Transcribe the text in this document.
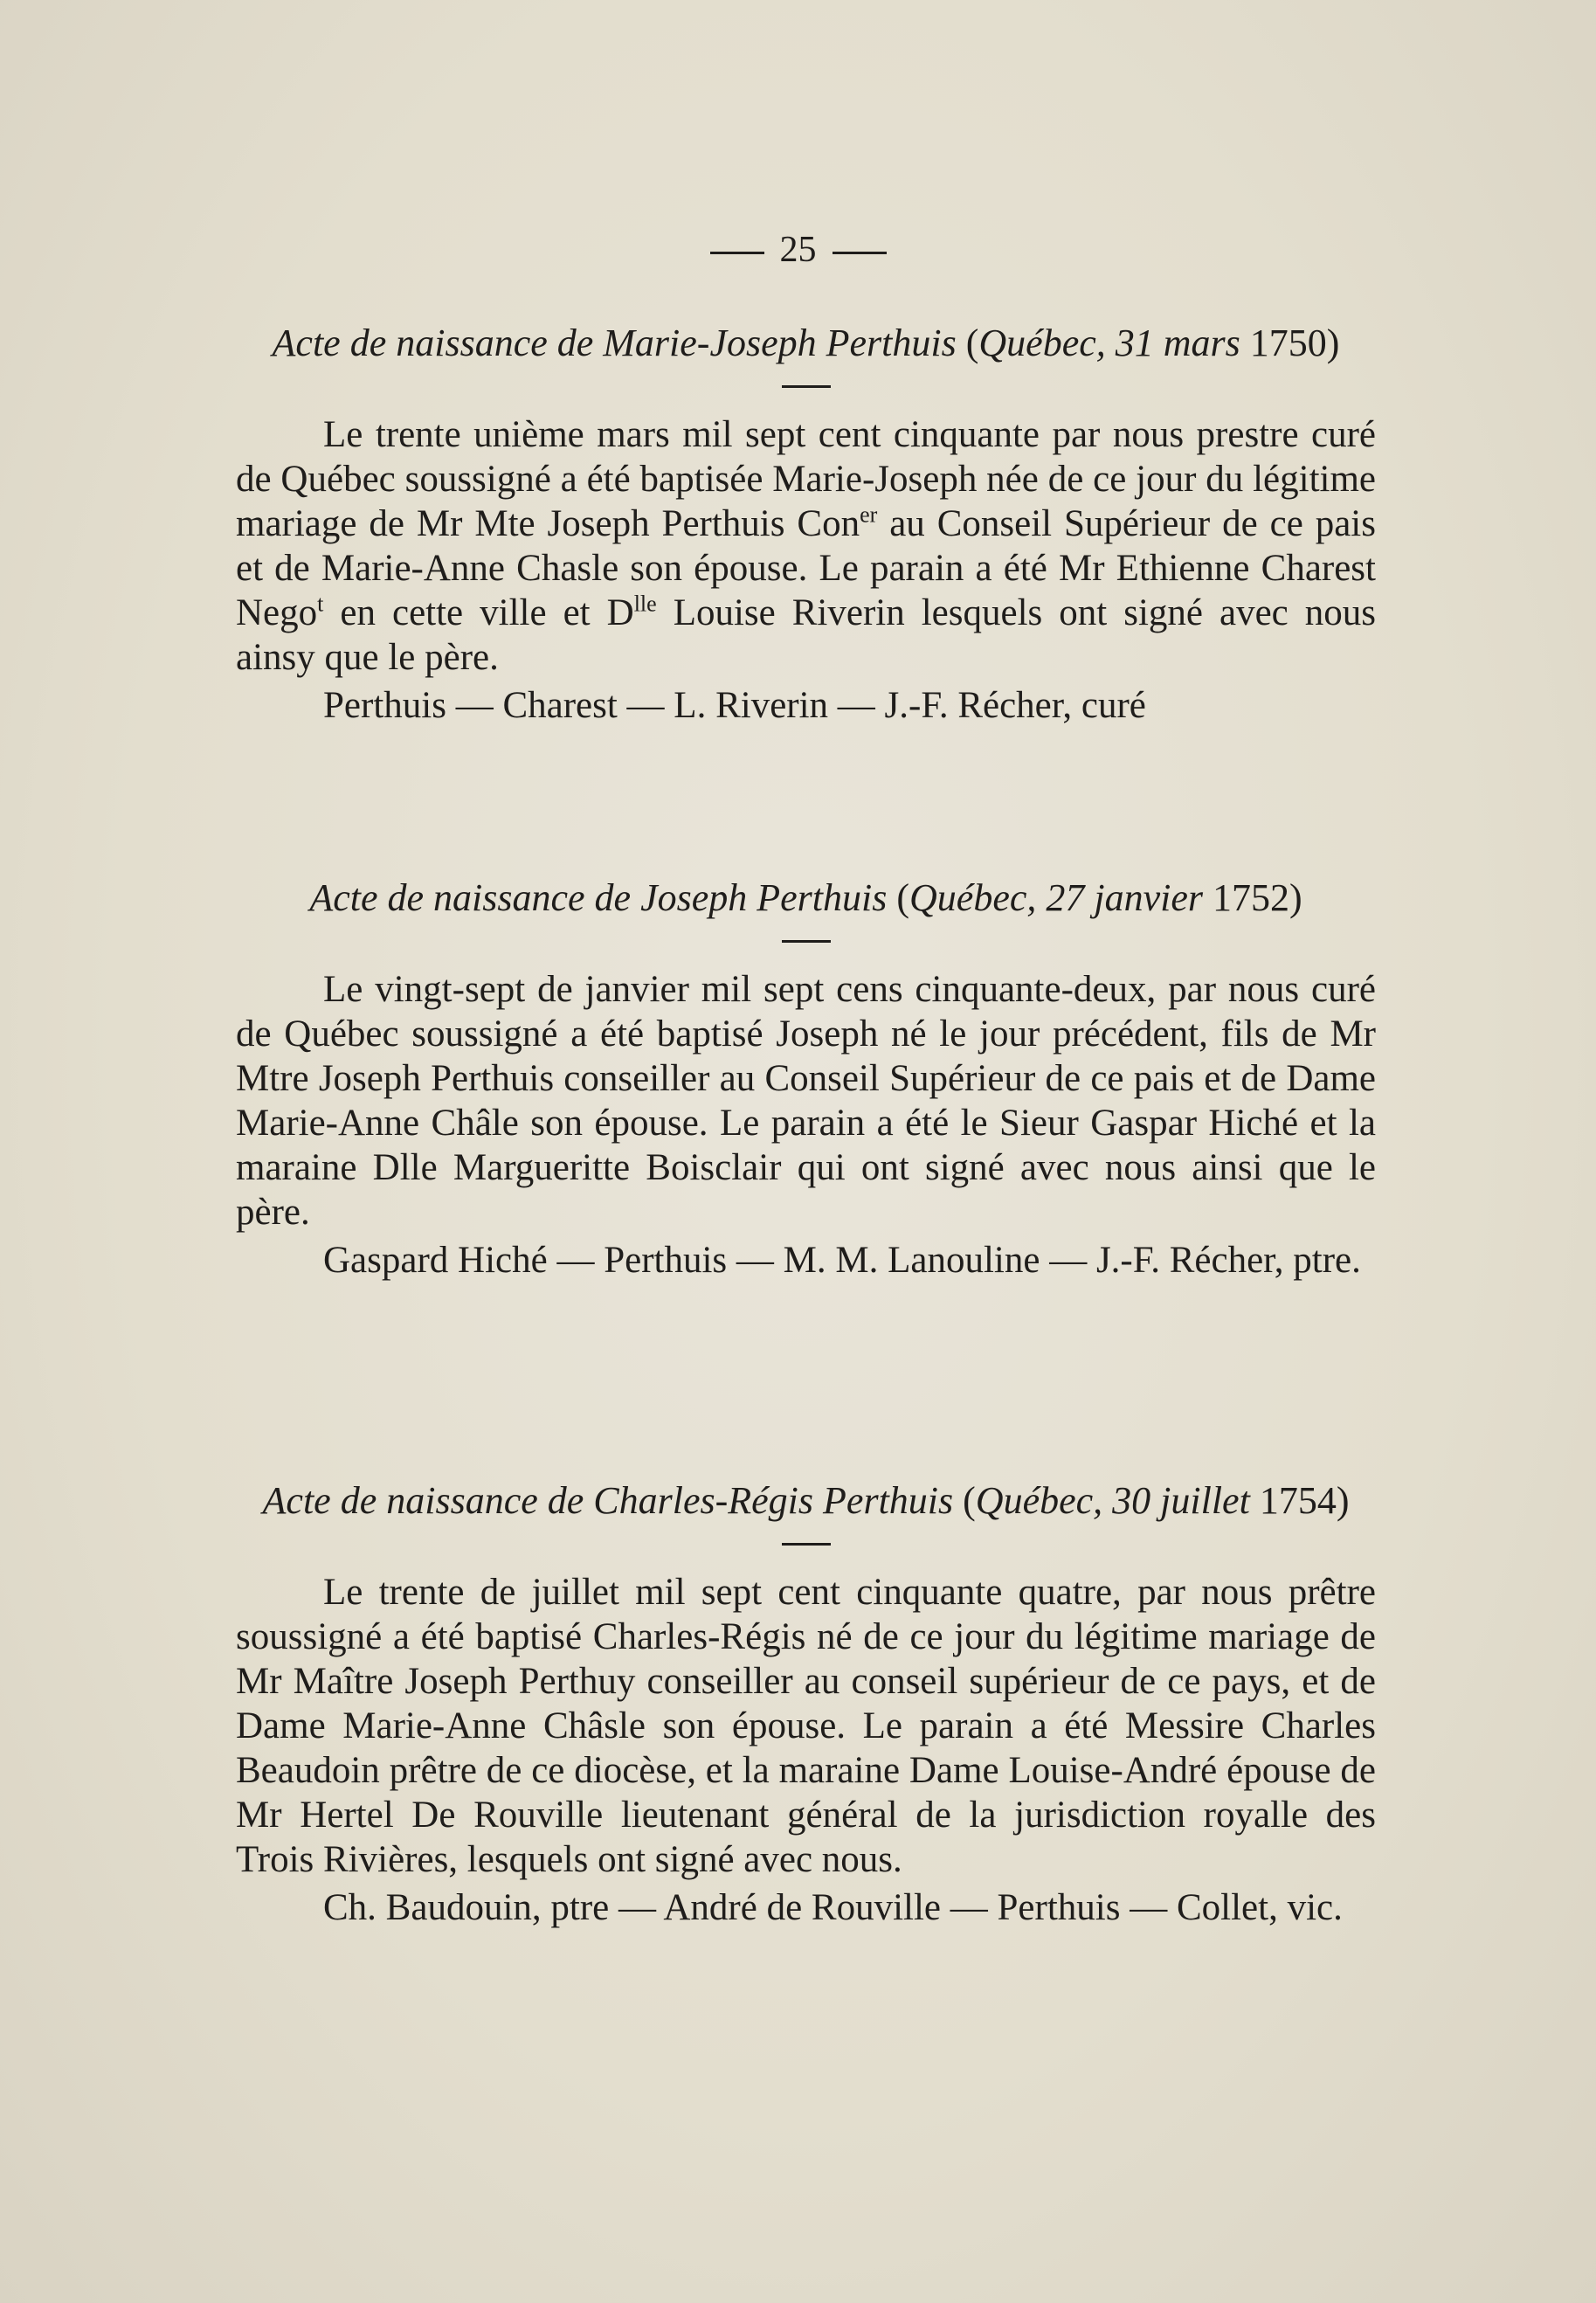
25

Acte de naissance de Marie-Joseph Perthuis (Québec, 31 mars 1750)

Le trente unième mars mil sept cent cinquante par nous prestre curé de Québec soussigné a été baptisée Marie-Joseph née de ce jour du légitime mariage de Mr Mte Joseph Perthuis Con$^{er}$ au Conseil Supérieur de ce pais et de Marie-Anne Chasle son épouse. Le parain a été Mr Ethienne Charest Nego$^t$ en cette ville et $D^{lle}$ Louise Riverin lesquels ont signé avec nous ainsy que le père.

Perthuis — Charest — L. Riverin — J.-F. Récher, curé

Acte de naissance de Joseph Perthuis (Québec, 27 janvier 1752)

Le vingt-sept de janvier mil sept cens cinquante-deux, par nous curé de Québec soussigné a été baptisé Joseph né le jour précédent, fils de Mr Mtre Joseph Perthuis conseiller au Conseil Supérieur de ce pais et de Dame Marie-Anne Châle son épouse. Le parain a été le Sieur Gaspar Hiché et la maraine Dlle Margueritte Boisclair qui ont signé avec nous ainsi que le père.

Gaspard Hiché — Perthuis — M. M. Lanouline — J.-F. Récher, ptre.

Acte de naissance de Charles-Régis Perthuis (Québec, 30 juillet 1754)

Le trente de juillet mil sept cent cinquante quatre, par nous prêtre soussigné a été baptisé Charles-Régis né de ce jour du légitime mariage de Mr Maître Joseph Perthuy conseiller au conseil supérieur de ce pays, et de Dame Marie-Anne Châsle son épouse. Le parain a été Messire Charles Beaudoin prêtre de ce diocèse, et la maraine Dame Louise-André épouse de Mr Hertel De Rouville lieutenant général de la jurisdiction royalle des Trois Rivières, lesquels ont signé avec nous.

Ch. Baudouin, ptre — André de Rouville — Perthuis — Collet, vic.
